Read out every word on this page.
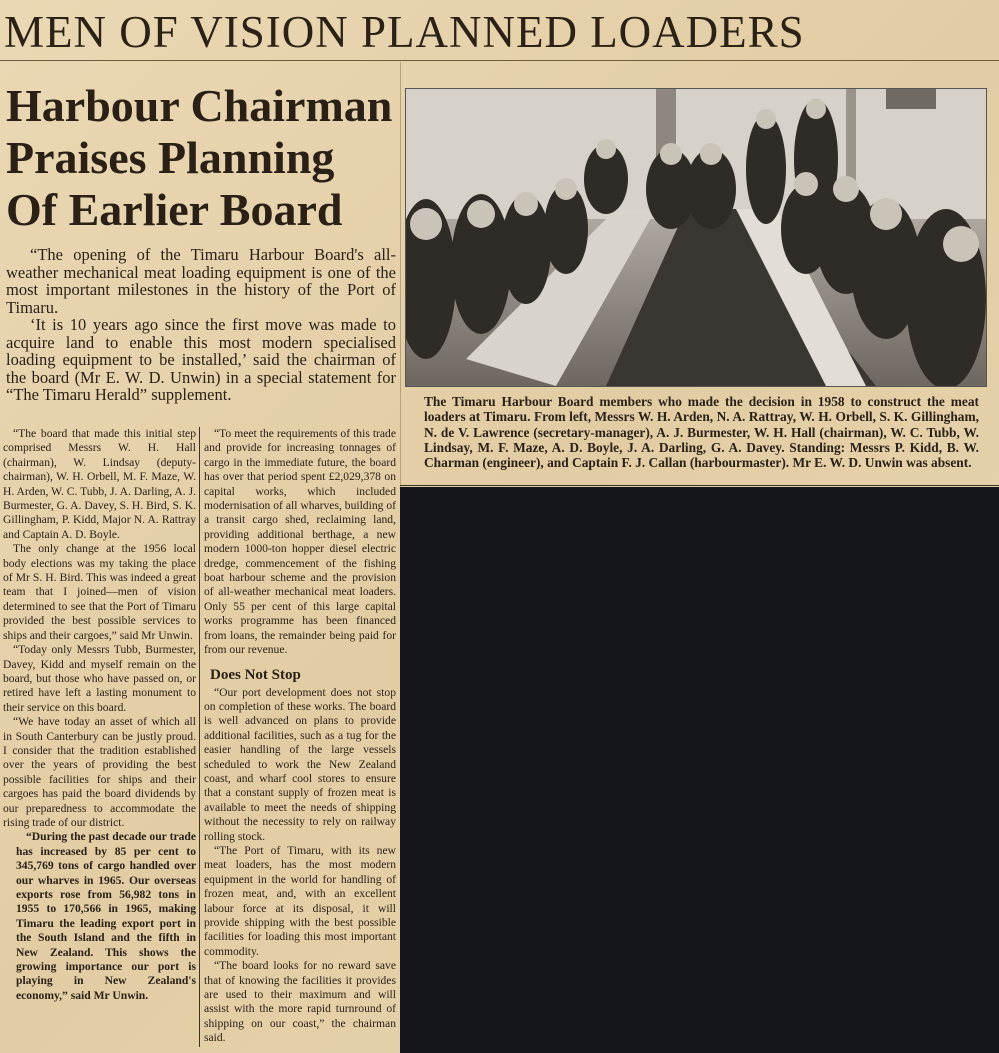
MEN OF VISION PLANNED LOADERS
Harbour Chairman
Praises Planning
Of Earlier Board

“The opening of the Timaru Harbour Board's all-weather mechanical meat loading equipment is one of the most important milestones in the history of the Port of Timaru.

‘It is 10 years ago since the first move was made to acquire land to enable this most modern specialised loading equipment to be installed,’ said the chairman of the board (Mr E. W. D. Unwin) in a special statement for “The Timaru Herald” supplement.	The Timaru Harbour Board members who made the decision in 1958 to construct the meat loaders at Timaru. From left, Messrs W. H. Arden, N. A. Rattray, W. H. Orbell, S. K. Gillingham, N. de V. Lawrence (secretary-manager), A. J. Burmester, W. H. Hall (chairman), W. C. Tubb, W. Lindsay, M. F. Maze, A. D. Boyle, J. A. Darling, G. A. Davey. Standing: Messrs P. Kidd, B. W. Charman (engineer), and Captain F. J. Callan (harbourmaster). Mr E. W. D. Unwin was absent.

“The board that made this initial step comprised Messrs W. H. Hall (chairman), W. Lindsay (deputy-chairman), W. H. Orbell, M. F. Maze, W. H. Arden, W. C. Tubb, J. A. Darling, A. J. Burmester, G. A. Davey, S. H. Bird, S. K. Gillingham, P. Kidd, Major N. A. Rattray and Captain A. D. Boyle.

The only change at the 1956 local body elections was my taking the place of Mr S. H. Bird. This was indeed a great team that I joined—men of vision determined to see that the Port of Timaru provided the best possible services to ships and their cargoes,” said Mr Unwin.

“Today only Messrs Tubb, Burmester, Davey, Kidd and myself remain on the board, but those who have passed on, or retired have left a lasting monument to their service on this board.

“We have today an asset of which all in South Canterbury can be justly proud. I consider that the tradition established over the years of providing the best possible facilities for ships and their cargoes has paid the board dividends by our preparedness to accommodate the rising trade of our district.

“During the past decade our trade has increased by 85 per cent to 345,769 tons of cargo handled over our wharves in 1965. Our overseas exports rose from 56,982 tons in 1955 to 170,566 in 1965, making Timaru the leading export port in the South Island and the fifth in New Zealand. This shows the growing importance our port is playing in New Zealand's economy,” said Mr Unwin.

“To meet the requirements of this trade and provide for increasing tonnages of cargo in the immediate future, the board has over that period spent £2,029,378 on capital works, which included modernisation of all wharves, building of a transit cargo shed, reclaiming land, providing additional berthage, a new modern 1000-ton hopper diesel electric dredge, commencement of the fishing boat harbour scheme and the provision of all-weather mechanical meat loaders. Only 55 per cent of this large capital works programme has been financed from loans, the remainder being paid for from our revenue.

Does Not Stop

“Our port development does not stop on completion of these works. The board is well advanced on plans to provide additional facilities, such as a tug for the easier handling of the large vessels scheduled to work the New Zealand coast, and wharf cool stores to ensure that a constant supply of frozen meat is available to meet the needs of shipping without the necessity to rely on railway rolling stock.

“The Port of Timaru, with its new meat loaders, has the most modern equipment in the world for handling of frozen meat, and, with an excellent labour force at its disposal, it will provide shipping with the best possible facilities for loading this most important commodity.

“The board looks for no reward save that of knowing the facilities it provides are used to their maximum and will assist with the more rapid turnround of shipping on our coast,” the chairman said.
